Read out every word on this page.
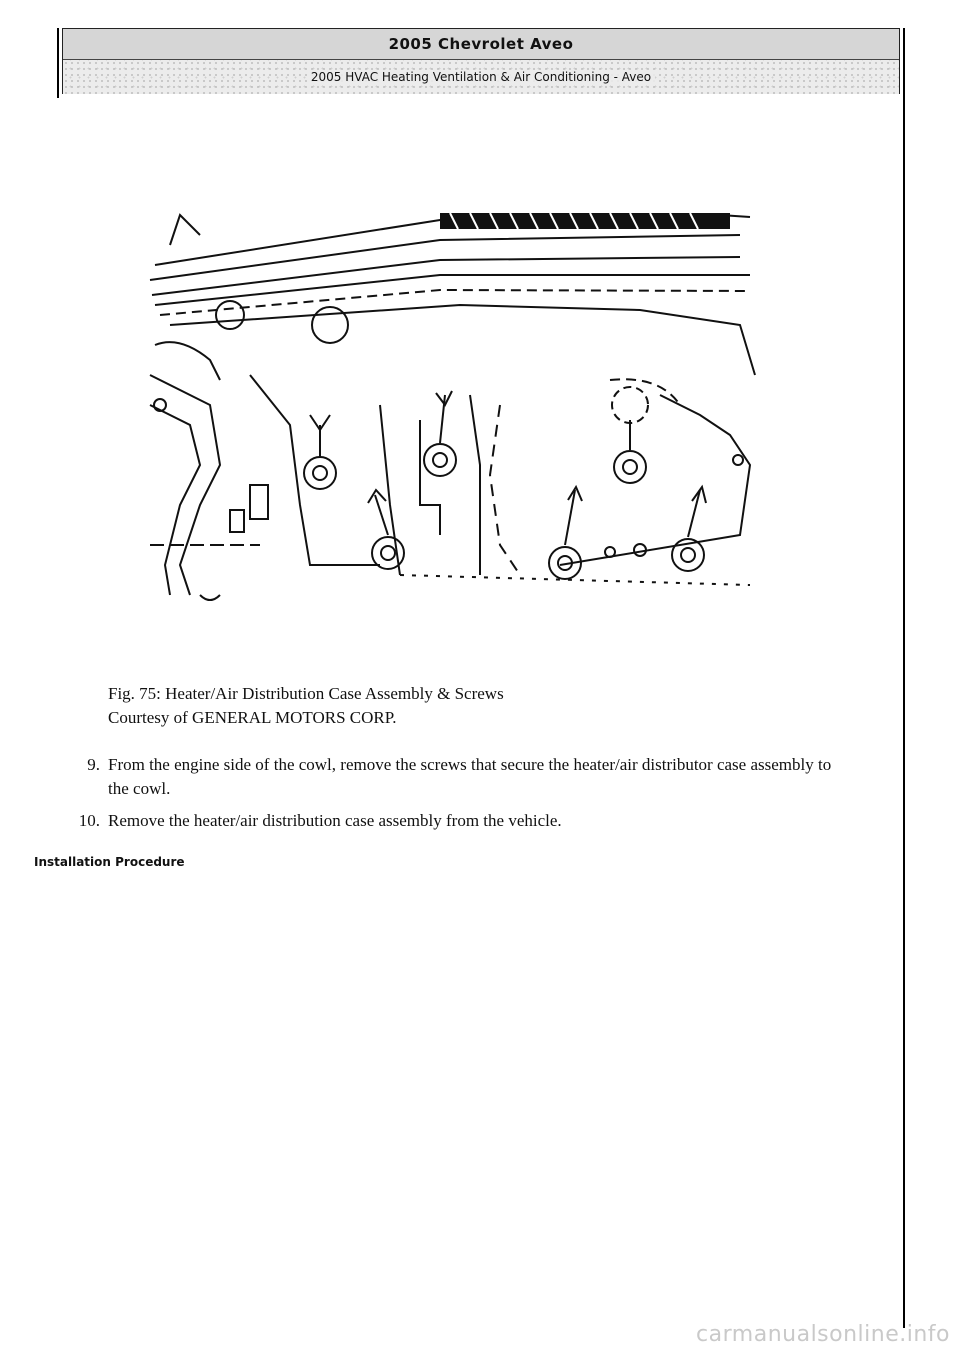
2005 Chevrolet Aveo
2005 HVAC Heating Ventilation & Air Conditioning - Aveo
Fig. 75: Heater/Air Distribution Case Assembly & Screws
Courtesy of GENERAL MOTORS CORP.
9. From the engine side of the cowl, remove the screws that secure the heater/air distributor case assembly to the cowl.
10. Remove the heater/air distribution case assembly from the vehicle.
Installation Procedure
carmanualsonline.info
